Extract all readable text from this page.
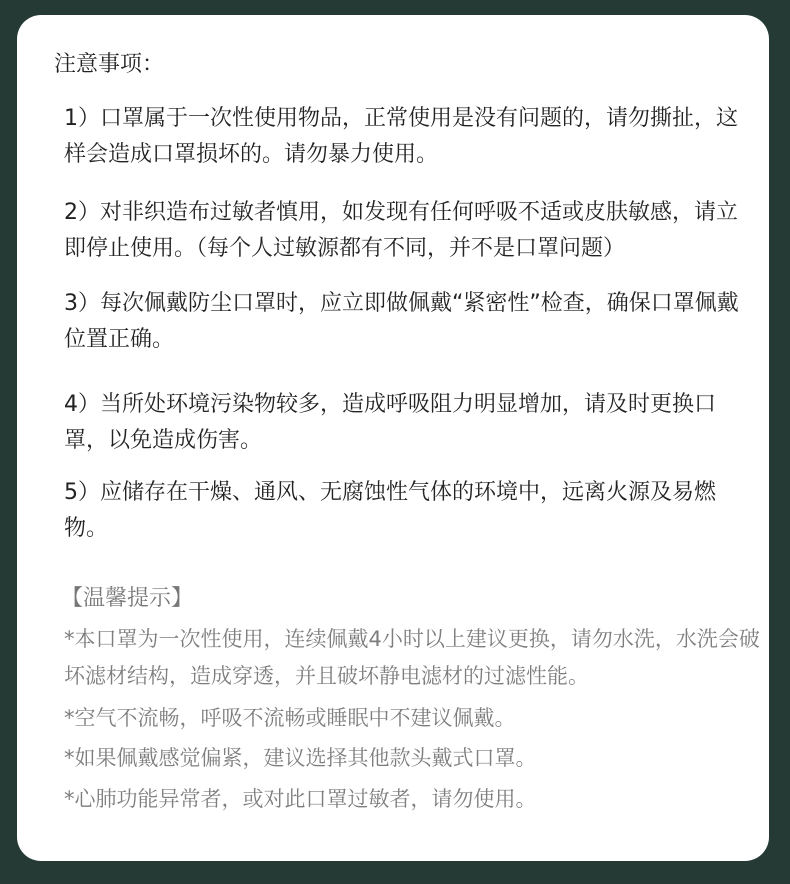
注意事项：
1）口罩属于一次性使用物品，正常使用是没有问题的，请勿撕扯，这样会造成口罩损坏的。请勿暴力使用。
2）对非织造布过敏者慎用，如发现有任何呼吸不适或皮肤敏感，请立即停止使用。（每个人过敏源都有不同，并不是口罩问题）
3）每次佩戴防尘口罩时，应立即做佩戴“紧密性”检查，确保口罩佩戴位置正确。
4）当所处环境污染物较多，造成呼吸阻力明显增加，请及时更换口罩，以免造成伤害。
5）应储存在干燥、通风、无腐蚀性气体的环境中，远离火源及易燃物。
【温馨提示】
*本口罩为一次性使用，连续佩戴4小时以上建议更换，请勿水洗，水洗会破坏滤材结构，造成穿透，并且破坏静电滤材的过滤性能。
*空气不流畅，呼吸不流畅或睡眠中不建议佩戴。
*如果佩戴感觉偏紧，建议选择其他款头戴式口罩。
*心肺功能异常者，或对此口罩过敏者，请勿使用。
